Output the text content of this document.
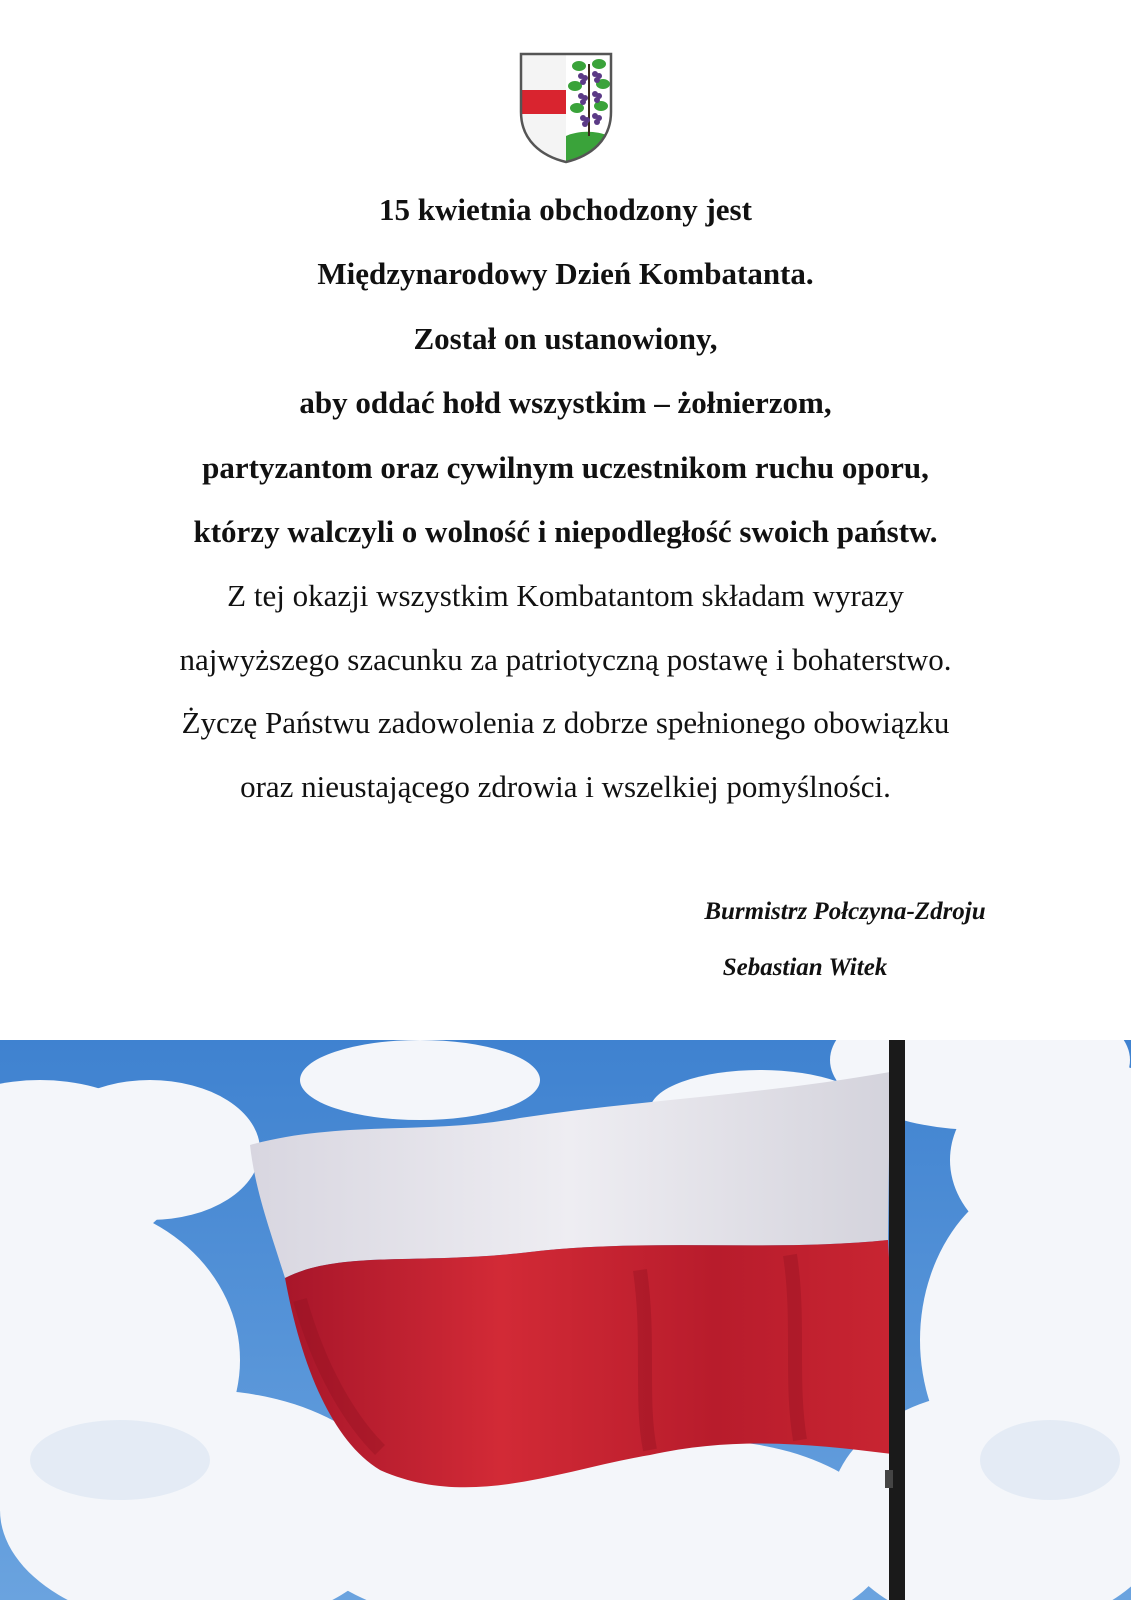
15 kwietnia obchodzony jest
Międzynarodowy Dzień Kombatanta.
Został on ustanowiony,
aby oddać hołd wszystkim – żołnierzom,
partyzantom oraz cywilnym uczestnikom ruchu oporu,
którzy walczyli o wolność i niepodległość swoich państw.
Z tej okazji wszystkim Kombatantom składam wyrazy
najwyższego szacunku za patriotyczną postawę i bohaterstwo.
Życzę Państwu zadowolenia z dobrze spełnionego obowiązku
oraz nieustającego zdrowia i wszelkiej pomyślności.
Burmistrz Połczyna-Zdroju
Sebastian Witek
